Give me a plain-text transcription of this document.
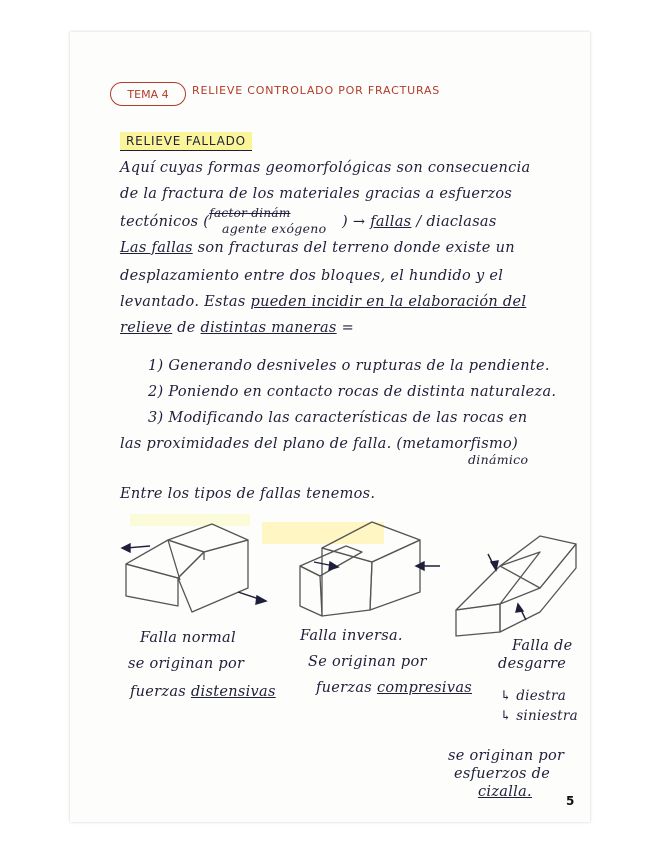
TEMA 4	RELIEVE CONTROLADO POR FRACTURAS
RELIEVE FALLADO
Aquí cuyas formas geomorfológicas son consecuencia
de la fractura de los materiales gracias a esfuerzos
tectónicos ($^{factor dinám}$
agente exógeno ) → fallas / diaclasas
Las fallas son fracturas del terreno donde existe un
desplazamiento entre dos bloques, el hundido y el
levantado. Estas pueden incidir en la elaboración del
relieve de distintas maneras =
1) Generando desniveles o rupturas de la pendiente.
2) Poniendo en contacto rocas de distinta naturaleza.
3) Modificando las características de las rocas en
las proximidades del plano de falla. (metamorfismo)
dinámico
Entre los tipos de fallas tenemos.
Falla normal
se originan por
fuerzas distensivas
Falla inversa.
Se originan por
fuerzas compresivas
Falla de
desgarre
↳ diestra
↳ siniestra
se originan por
esfuerzos de
cizalla.
5
